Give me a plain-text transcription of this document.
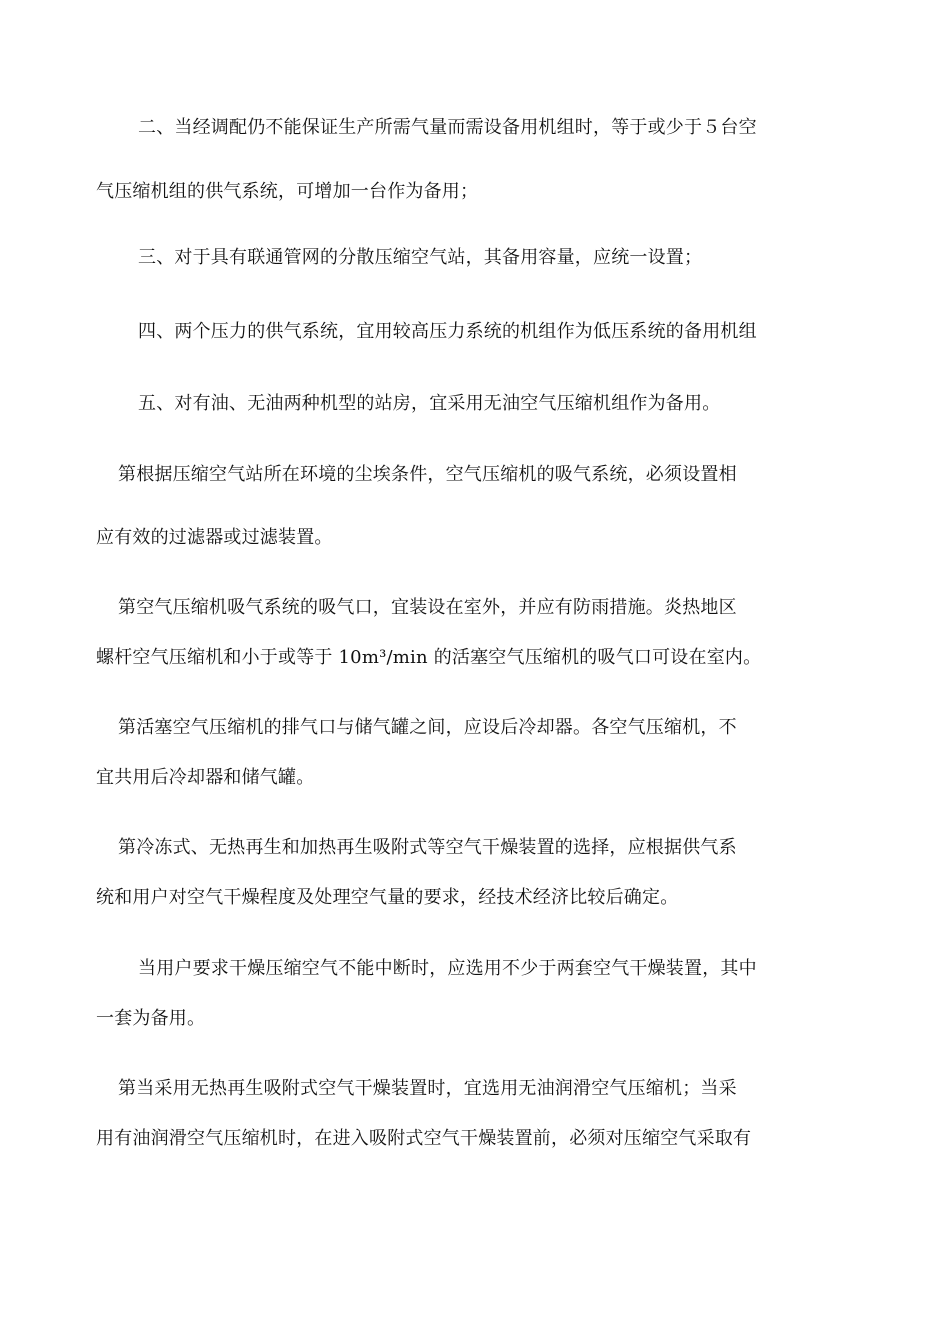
二、当经调配仍不能保证生产所需气量而需设备用机组时，等于或少于５台空
气压缩机组的供气系统，可增加一台作为备用；
三、对于具有联通管网的分散压缩空气站，其备用容量，应统一设置；
四、两个压力的供气系统，宜用较高压力系统的机组作为低压系统的备用机组
五、对有油、无油两种机型的站房，宜采用无油空气压缩机组作为备用。
第根据压缩空气站所在环境的尘埃条件，空气压缩机的吸气系统，必须设置相
应有效的过滤器或过滤装置。
第空气压缩机吸气系统的吸气口，宜装设在室外，并应有防雨措施。炎热地区
螺杆空气压缩机和小于或等于 10m³/min 的活塞空气压缩机的吸气口可设在室内。
第活塞空气压缩机的排气口与储气罐之间，应设后冷却器。各空气压缩机，不
宜共用后冷却器和储气罐。
第冷冻式、无热再生和加热再生吸附式等空气干燥装置的选择，应根据供气系
统和用户对空气干燥程度及处理空气量的要求，经技术经济比较后确定。
当用户要求干燥压缩空气不能中断时，应选用不少于两套空气干燥装置，其中
一套为备用。
第当采用无热再生吸附式空气干燥装置时，宜选用无油润滑空气压缩机；当采
用有油润滑空气压缩机时，在进入吸附式空气干燥装置前，必须对压缩空气采取有
